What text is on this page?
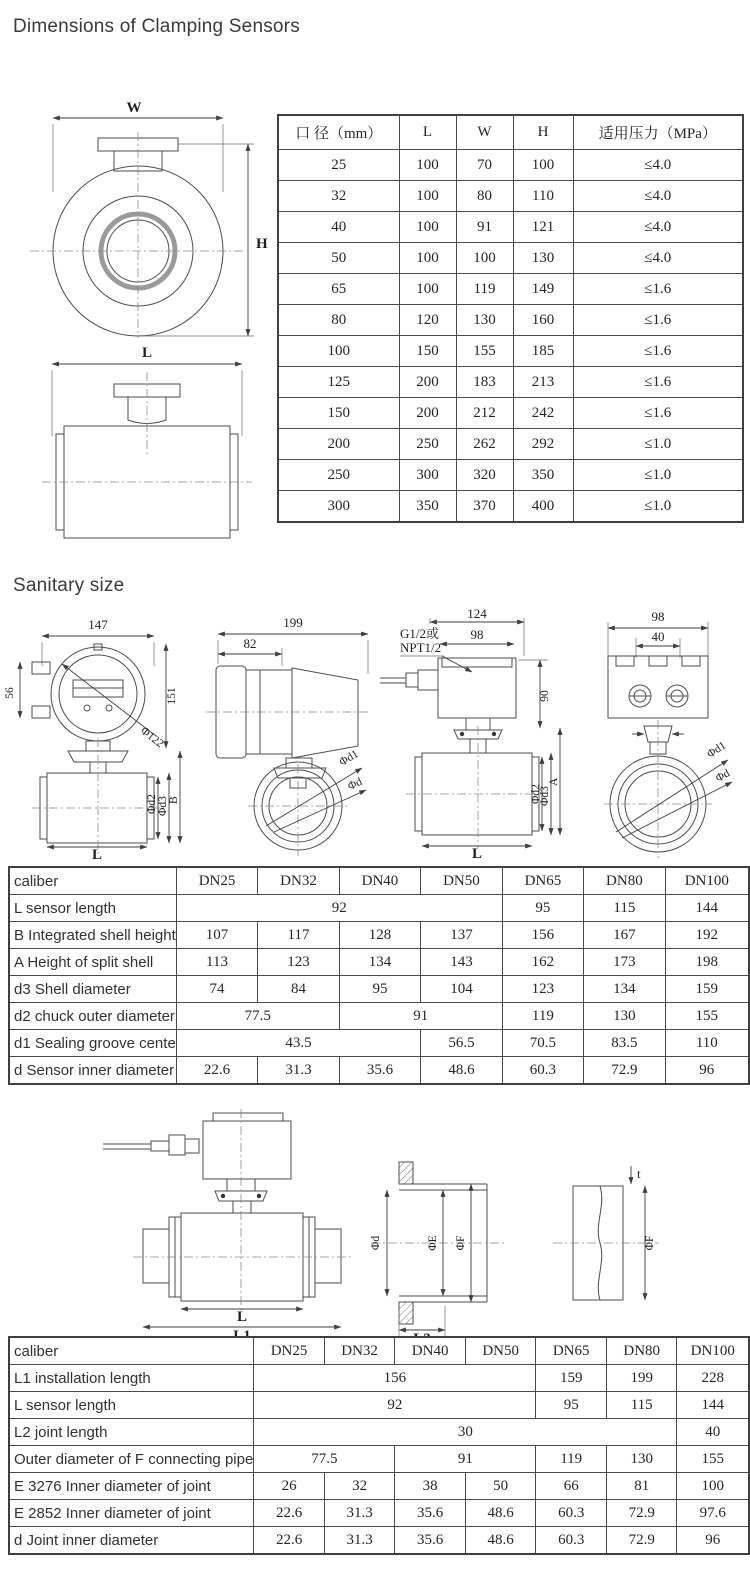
Dimensions of Clamping Sensors
W
H
L
口 径（mm）	L	W	H	适用压力（MPa）
25	100	70	100	≤4.0
32	100	80	110	≤4.0
40	100	91	121	≤4.0
50	100	100	130	≤4.0
65	100	119	149	≤1.6
80	120	130	160	≤1.6
100	150	155	185	≤1.6
125	200	183	213	≤1.6
150	200	212	242	≤1.6
200	250	262	292	≤1.0
250	300	320	350	≤1.0
300	350	370	400	≤1.0
Sanitary size
147
56	151
Φ122
Φd2 Φd3 B
L
199
82
Φd1
Φd
G1/2或
NPT1/2
124
98
90
Φd2
Φd3
A
L
98
40
Φd1
Φd
caliber	DN25	DN32	DN40	DN50	DN65	DN80	DN100
L sensor length	92				95	115	144
B Integrated shell height	107	117	128	137	156	167	192
A Height of split shell	113	123	134	143	162	173	198
d3 Shell diameter	74	84	95	104	123	134	159
d2 chuck outer diameter	77.5		91		119	130	155
d1 Sealing groove cente	43.5			56.5	70.5	83.5	110
d Sensor inner diameter	22.6	31.3	35.6	48.6	60.3	72.9	96
L
Φd	ΦE ΦF
t
ΦF
caliber	DN25	DN32	DN40	DN50	DN65	DN80	DN100
L1 installation length	156				159	199	228
L sensor length	92				95	115	144
L2 joint length	30						40
Outer diameter of F connecting pipe	77.5		91		119	130	155
E 3276 Inner diameter of joint	26	32	38	50	66	81	100
E 2852 Inner diameter of joint	22.6	31.3	35.6	48.6	60.3	72.9	97.6
d Joint inner diameter	22.6	31.3	35.6	48.6	60.3	72.9	96
